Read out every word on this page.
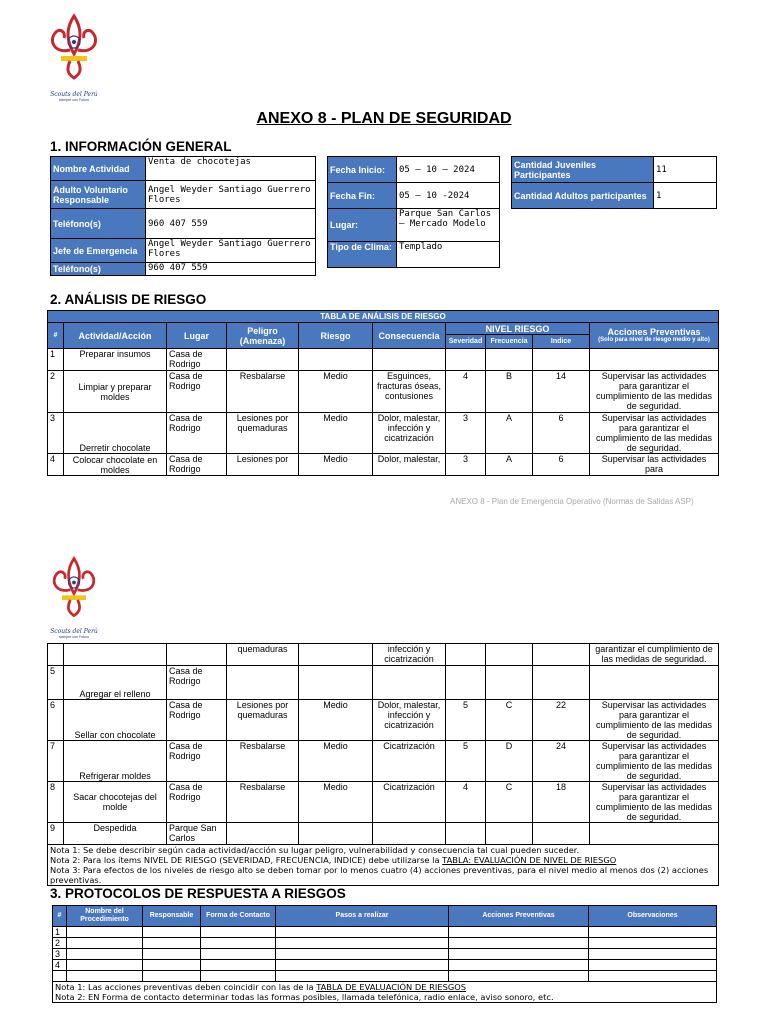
Scouts del Perú
siempre con Futuro
ANEXO 8 - PLAN DE SEGURIDAD
1. INFORMACIÓN GENERAL
Nombre Actividad	Venta de chocotejas
Adulto Voluntario Responsable	Angel Weyder Santiago Guerrero Flores
Teléfono(s)	960 407 559
Jefe de Emergencia	Angel Weyder Santiago Guerrero Flores
Teléfono(s)	960 407 559
Fecha Inicio:	05 – 10 – 2024
Fecha Fin:	05 – 10 -2024
Lugar:	Parque San Carlos – Mercado Modelo
Tipo de Clima:	Templado
Cantidad Juveniles Participantes	11
Cantidad Adultos participantes	1
2. ANÁLISIS DE RIESGO
TABLA DE ANÁLISIS DE RIESGO									
#	Actividad/Acción	Lugar	Peligro (Amenaza)	Riesgo	Consecuencia	NIVEL RIESGO			Acciones Preventivas
(Solo para nivel de riesgo medio y alto)

						Severidad	Frecuencia	Indice	
1	Preparar insumos	Casa de Rodrigo							
2	Limpiar y preparar moldes	Casa de Rodrigo	Resbalarse	Medio	Esguinces, fracturas óseas, contusiones	4	B	14	Supervisar las actividades para garantizar el cumplimiento de las medidas de seguridad.
3	Derretir chocolate	Casa de Rodrigo	Lesiones por quemaduras	Medio	Dolor, malestar, infección y cicatrización	3	A	6	Supervisar las actividades para garantizar el cumplimiento de las medidas de seguridad.
4	Colocar chocolate en moldes	Casa de Rodrigo	Lesiones por	Medio	Dolor, malestar,	3	A	6	Supervisar las actividades para
ANEXO 8 - Plan de Emergencia Operativo (Normas de Salidas ASP)
Scouts del Perú
siempre con Futuro
			quemaduras		infección y cicatrización				garantizar el cumplimiento de las medidas de seguridad.
5	Agregar el relleno	Casa de Rodrigo							
6	Sellar con chocolate	Casa de Rodrigo	Lesiones por quemaduras	Medio	Dolor, malestar, infección y cicatrización	5	C	22	Supervisar las actividades para garantizar el cumplimiento de las medidas de seguridad.
7	Refrigerar moldes	Casa de Rodrigo	Resbalarse	Medio	Cicatrización	5	D	24	Supervisar las actividades para garantizar el cumplimiento de las medidas de seguridad.
8	Sacar chocotejas del molde	Casa de Rodrigo	Resbalarse	Medio	Cicatrización	4	C	18	Supervisar las actividades para garantizar el cumplimiento de las medidas de seguridad.
9	Despedida	Parque San Carlos							

Nota 1: Se debe describir según cada actividad/acción su lugar peligro, vulnerabilidad y consecuencia tal cual pueden suceder.
Nota 2: Para los ítems NIVEL DE RIESGO (SEVERIDAD, FRECUENCIA, INDICE) debe utilizarse la TABLA: EVALUACIÓN DE NIVEL DE RIESGO
Nota 3: Para efectos de los niveles de riesgo alto se deben tomar por lo menos cuatro (4) acciones preventivas, para el nivel medio al menos dos (2) acciones preventivas.									
3. PROTOCOLOS DE RESPUESTA A RIESGOS
#	Nombre del Procedimiento	Responsable	Forma de Contacto	Pasos a realizar	Acciones Preventivas	Observaciones
1						
2						
3						
4						

Nota 1: Las acciones preventivas deben coincidir con las de la TABLA DE EVALUACIÓN DE RIESGOS
Nota 2: EN Forma de contacto determinar todas las formas posibles, llamada telefónica, radio enlace, aviso sonoro, etc.						
